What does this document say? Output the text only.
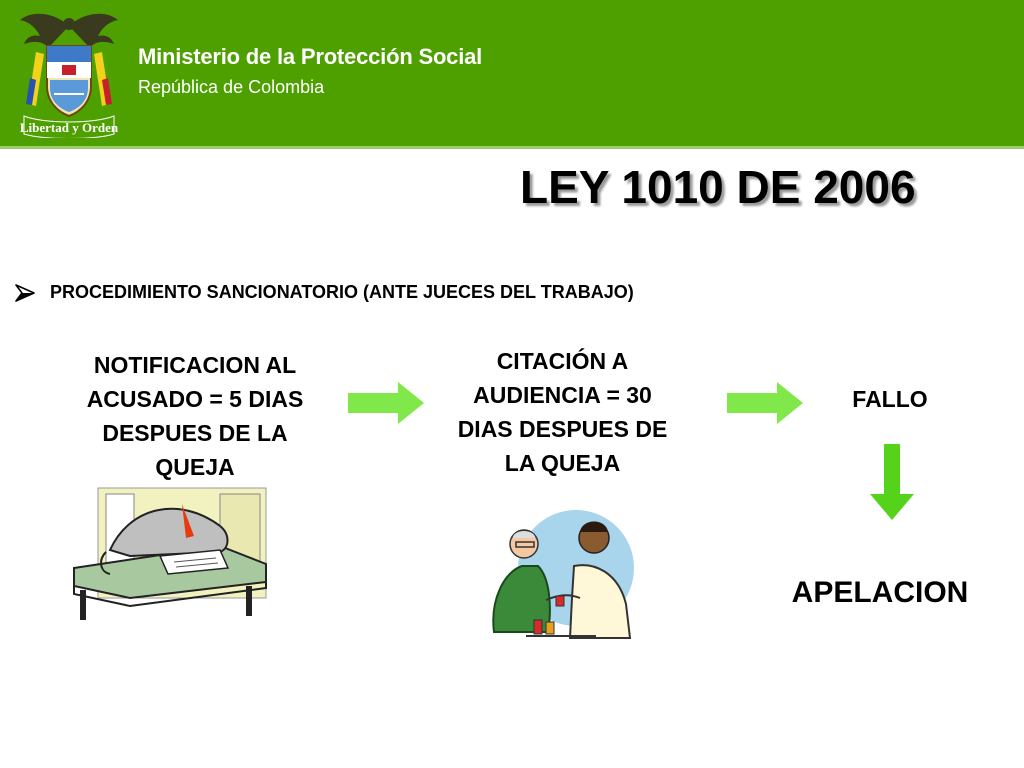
Libertad y Orden
Ministerio de la Protección Social
República de Colombia
LEY 1010 DE 2006
PROCEDIMIENTO SANCIONATORIO (ANTE JUECES DEL TRABAJO)
NOTIFICACION AL
ACUSADO = 5 DIAS
DESPUES DE LA
QUEJA
CITACIÓN A
AUDIENCIA = 30
DIAS DESPUES DE
LA QUEJA
FALLO
APELACION
